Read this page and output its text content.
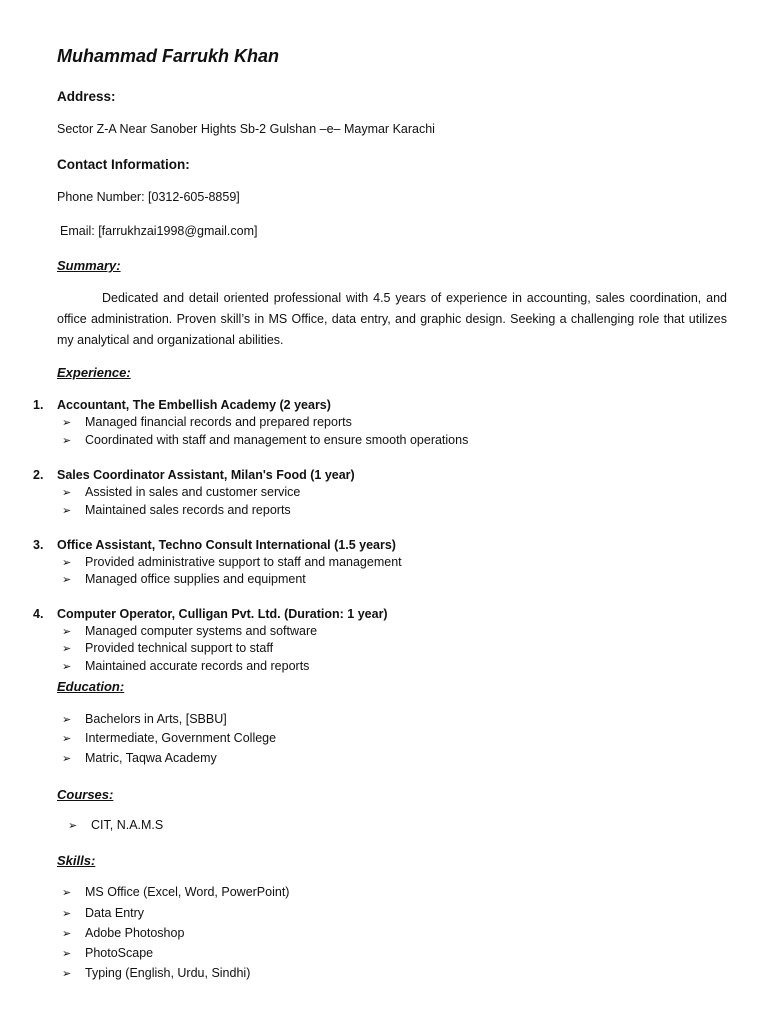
Muhammad Farrukh Khan
Address:
Sector Z-A Near Sanober Hights Sb-2 Gulshan –e– Maymar Karachi
Contact Information:
Phone Number: [0312-605-8859]
Email: [farrukhzai1998@gmail.com]
Summary:
Dedicated and detail oriented professional with 4.5 years of experience in accounting, sales coordination, and office administration. Proven skill’s in MS Office, data entry, and graphic design. Seeking a challenging role that utilizes my analytical and organizational abilities.
Experience:
1. Accountant, The Embellish Academy (2 years)
➢ Managed financial records and prepared reports
➢ Coordinated with staff and management to ensure smooth operations
2. Sales Coordinator Assistant, Milan's Food (1 year)
➢ Assisted in sales and customer service
➢ Maintained sales records and reports
3. Office Assistant, Techno Consult International (1.5 years)
➢ Provided administrative support to staff and management
➢ Managed office supplies and equipment
4. Computer Operator, Culligan Pvt. Ltd. (Duration: 1 year)
➢ Managed computer systems and software
➢ Provided technical support to staff
➢ Maintained accurate records and reports
Education:
➢ Bachelors in Arts, [SBBU]
➢ Intermediate, Government College
➢ Matric, Taqwa Academy
Courses:
➢ CIT, N.A.M.S
Skills:
➢ MS Office (Excel, Word, PowerPoint)
➢ Data Entry
➢ Adobe Photoshop
➢ PhotoScape
➢ Typing (English, Urdu, Sindhi)
